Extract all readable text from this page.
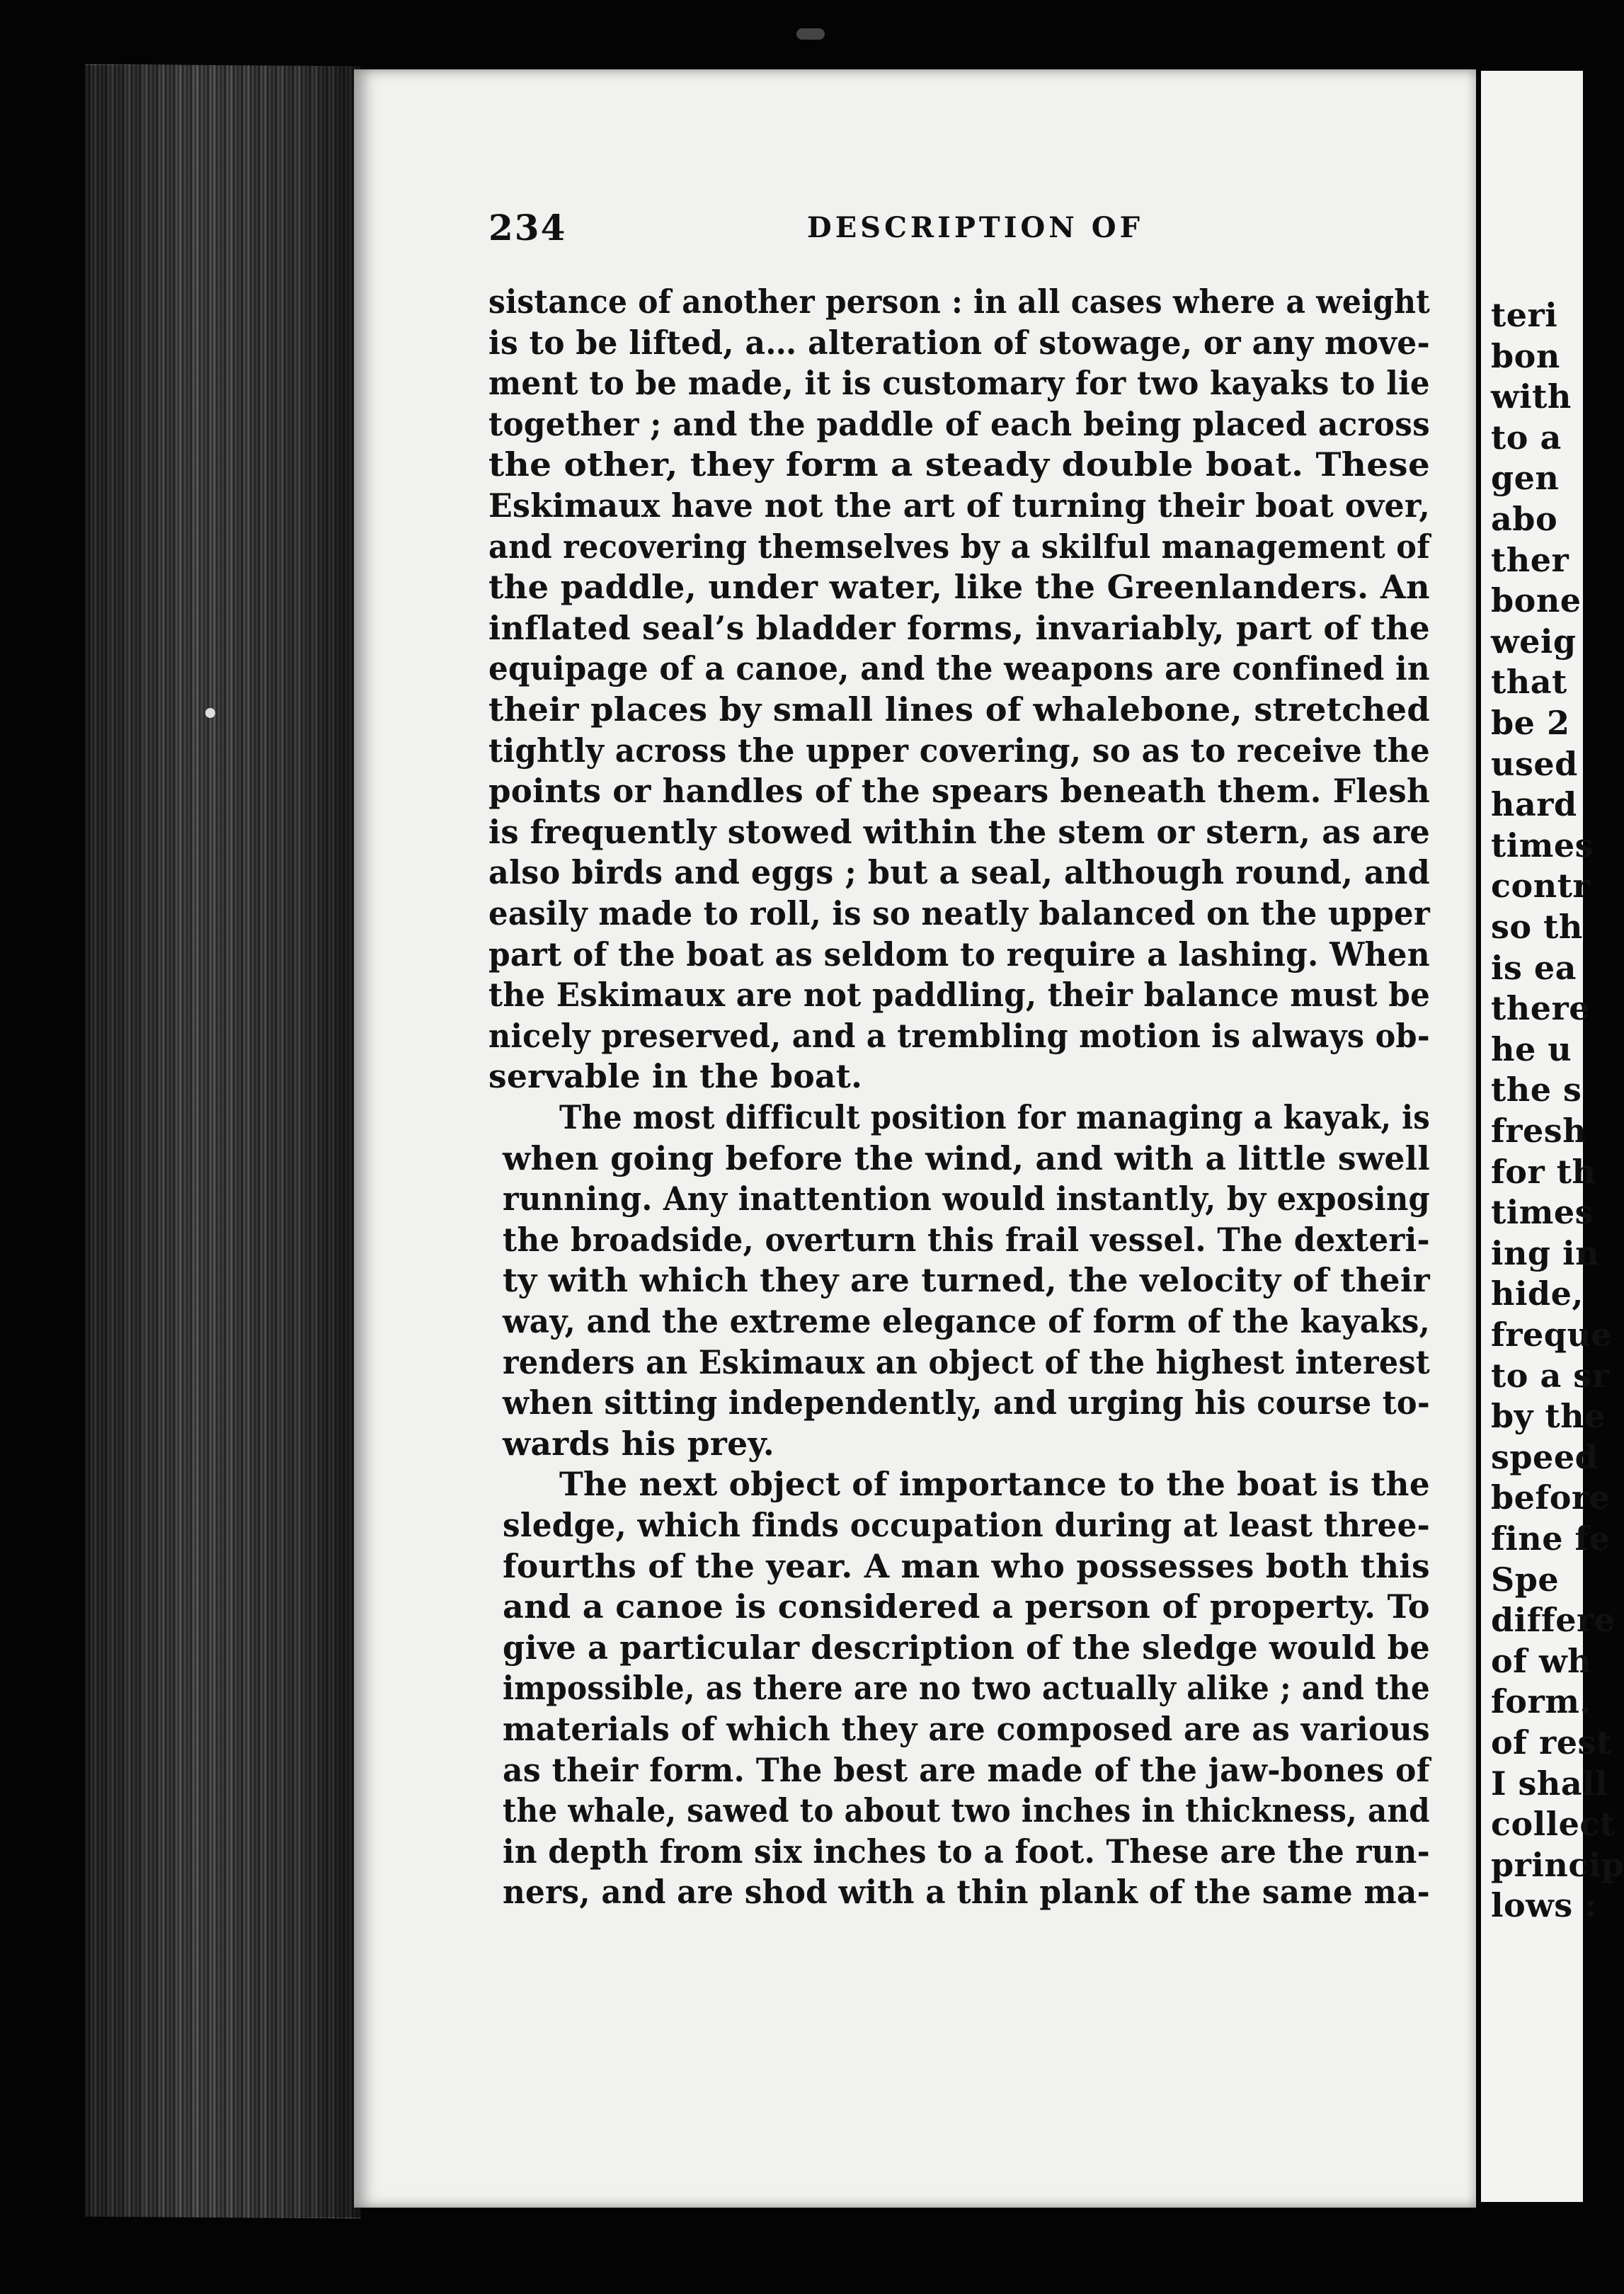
teri
bon
with
to a
gen
abo
ther
bone
weig
that
be 2
used
hard
times
contr
so th
is ea
there
he u
the s
fresh
for th
times
ing in
hide,
freque
to a sr
by the
speed
before
fine fe
Spe
differe
of wh
form.
of rest
I shall
collect
princip
lows :
234	DESCRIPTION OF
sistance of another person : in all cases where a weight
is to be lifted, a… alteration of stowage, or any move-
ment to be made, it is customary for two kayaks to lie
together ; and the paddle of each being placed across
the other, they form a steady double boat. These
Eskimaux have not the art of turning their boat over,
and recovering themselves by a skilful management of
the paddle, under water, like the Greenlanders. An
inflated seal’s bladder forms, invariably, part of the
equipage of a canoe, and the weapons are confined in
their places by small lines of whalebone, stretched
tightly across the upper covering, so as to receive the
points or handles of the spears beneath them. Flesh
is frequently stowed within the stem or stern, as are
also birds and eggs ; but a seal, although round, and
easily made to roll, is so neatly balanced on the upper
part of the boat as seldom to require a lashing. When
the Eskimaux are not paddling, their balance must be
nicely preserved, and a trembling motion is always ob-
servable in the boat.
The most difficult position for managing a kayak, is
when going before the wind, and with a little swell
running. Any inattention would instantly, by exposing
the broadside, overturn this frail vessel. The dexteri-
ty with which they are turned, the velocity of their
way, and the extreme elegance of form of the kayaks,
renders an Eskimaux an object of the highest interest
when sitting independently, and urging his course to-
wards his prey.
The next object of importance to the boat is the
sledge, which finds occupation during at least three-
fourths of the year. A man who possesses both this
and a canoe is considered a person of property. To
give a particular description of the sledge would be
impossible, as there are no two actually alike ; and the
materials of which they are composed are as various
as their form. The best are made of the jaw-bones of
the whale, sawed to about two inches in thickness, and
in depth from six inches to a foot. These are the run-
ners, and are shod with a thin plank of the same ma-
